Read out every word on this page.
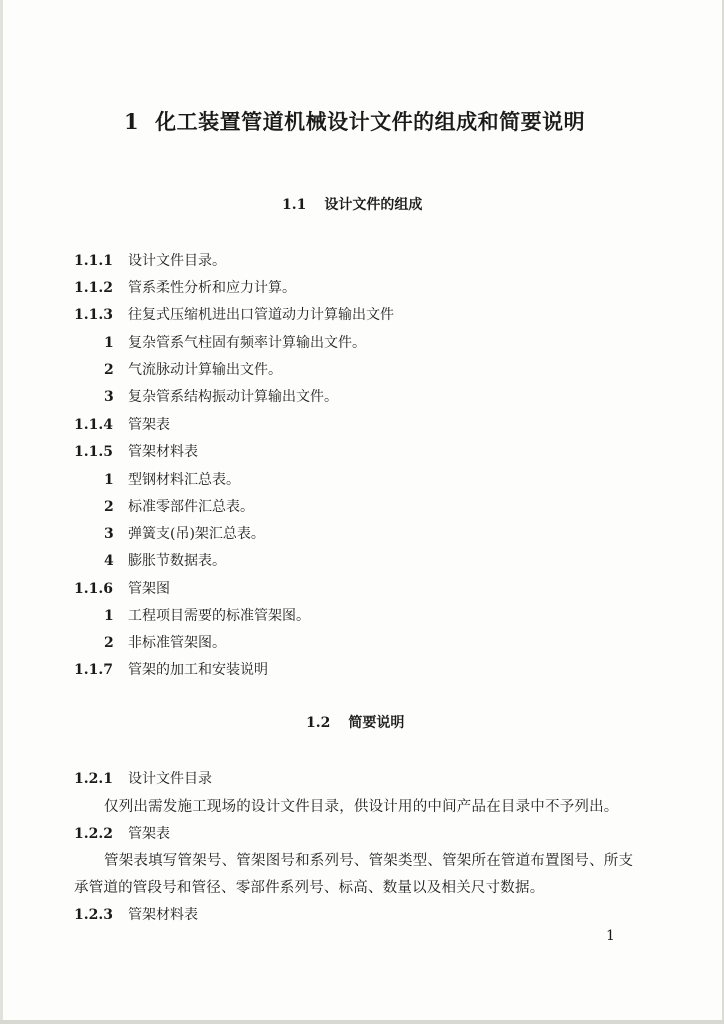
1 化工装置管道机械设计文件的组成和简要说明
1.1 设计文件的组成
1.1.1 设计文件目录。
1.1.2 管系柔性分析和应力计算。
1.1.3 往复式压缩机进出口管道动力计算输出文件
1 复杂管系气柱固有频率计算输出文件。
2 气流脉动计算输出文件。
3 复杂管系结构振动计算输出文件。
1.1.4 管架表
1.1.5 管架材料表
1 型钢材料汇总表。
2 标准零部件汇总表。
3 弹簧支(吊)架汇总表。
4 膨胀节数据表。
1.1.6 管架图
1 工程项目需要的标准管架图。
2 非标准管架图。
1.1.7 管架的加工和安装说明
1.2 简要说明
1.2.1 设计文件目录
仅列出需发施工现场的设计文件目录，供设计用的中间产品在目录中不予列出。
1.2.2 管架表
管架表填写管架号、管架图号和系列号、管架类型、管架所在管道布置图号、所支
承管道的管段号和管径、零部件系列号、标高、数量以及相关尺寸数据。
1.2.3 管架材料表
1
